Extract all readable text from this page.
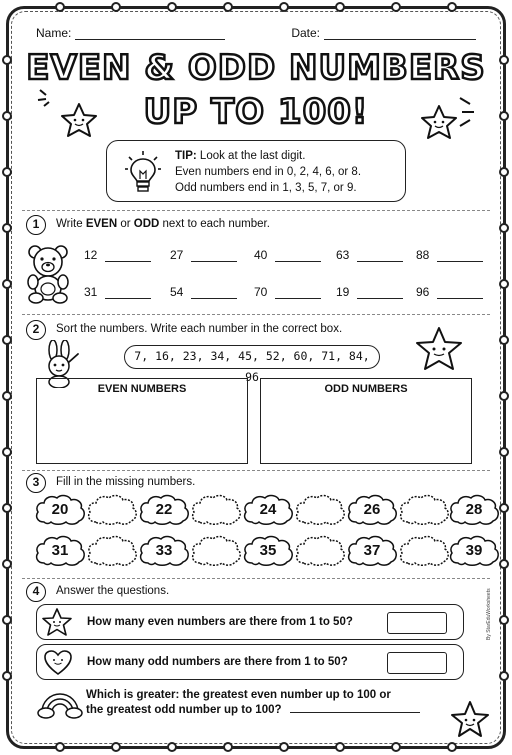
Name:	Date:
EVEN & ODD NUMBERS
UP TO 100!
TIP: Look at the last digit.
Even numbers end in 0, 2, 4, 6, or 8.
Odd numbers end in 1, 3, 5, 7, or 9.
1	Write EVEN or ODD next to each number.
12	27	40	63	88
31	54	70	19	96
2	Sort the numbers. Write each number in the correct box.
7, 16, 23, 34, 45, 52, 60, 71, 84, 96
EVEN NUMBERS	ODD NUMBERS
3	Fill in the missing numbers.
20	22	24	26	28
31	33	35	37	39
4	Answer the questions.
How many even numbers are there from 1 to 50?
How many odd numbers are there from 1 to 50?
Which is greater: the greatest even number up to 100 or
the greatest odd number up to 100?
By StarEduWorksheets
